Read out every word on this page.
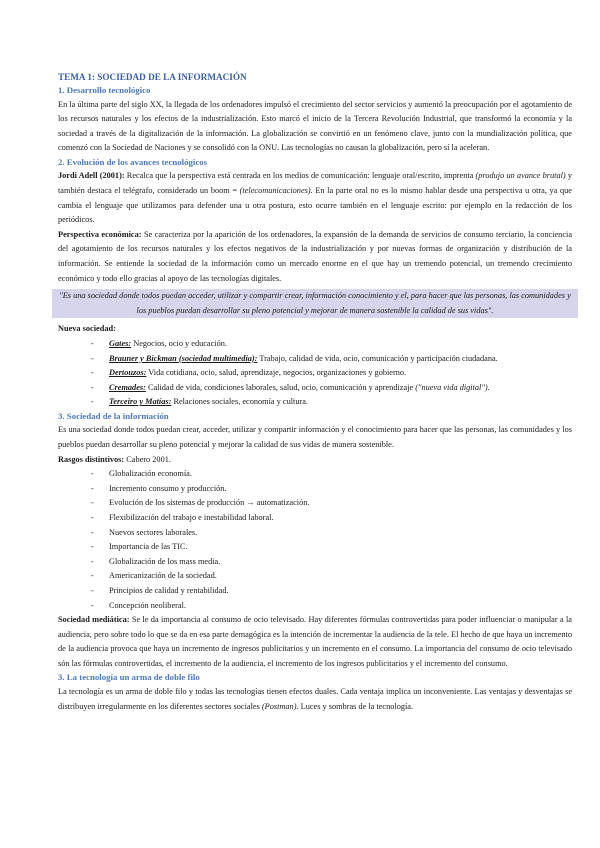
TEMA 1: SOCIEDAD DE LA INFORMACIÓN
1. Desarrollo tecnológico

En la última parte del siglo XX, la llegada de los ordenadores impulsó el crecimiento del sector servicios y aumentó la preocupación por el agotamiento de los recursos naturales y los efectos de la industrialización. Esto marcó el inicio de la Tercera Revolución Industrial, que transformó la economía y la sociedad a través de la digitalización de la información. La globalización se convirtió en un fenómeno clave, junto con la mundialización política, que comenzó con la Sociedad de Naciones y se consolidó con la ONU. Las tecnologías no causan la globalización, pero sí la aceleran.

2. Evolución de los avances tecnológicos

Jordi Adell (2001): Recalca que la perspectiva está centrada en los medios de comunicación: lenguaje oral/escrito, imprenta (produjo un avance brutal) y también destaca el telégrafo, considerado un boom = (telecomunicaciones). En la parte oral no es lo mismo hablar desde una perspectiva u otra, ya que cambia el lenguaje que utilizamos para defender una u otra postura, esto ocurre también en el lenguaje escrito: por ejemplo en la redacción de los periódicos.

Perspectiva económica: Se caracteriza por la aparición de los ordenadores, la expansión de la demanda de servicios de consumo terciario, la conciencia del agotamiento de los recursos naturales y los efectos negativos de la industrialización y por nuevas formas de organización y distribución de la información. Se entiende la sociedad de la información como un mercado enorme en el que hay un tremendo potencial, un tremendo crecimiento económico y todo ello gracias al apoyo de las tecnologías digitales.

"Es una sociedad donde todos puedan acceder, utilizar y compartir crear, información conocimiento y el, para hacer que las personas, las comunidades y los pueblos puedan desarrollar su pleno potencial y mejorar de manera sostenible la calidad de sus vidas".

Nueva sociedad:
- Gates: Negocios, ocio y educación.
- Brauner y Bickman (sociedad multimedia): Trabajo, calidad de vida, ocio, comunicación y participación ciudadana.
- Dertouzos: Vida cotidiana, ocio, salud, aprendizaje, negocios, organizaciones y gobierno.
- Cremades: Calidad de vida, condiciones laborales, salud, ocio, comunicación y aprendizaje ("nueva vida digital").
- Terceiro y Matías: Relaciones sociales, economía y cultura.
3. Sociedad de la información

Es una sociedad donde todos puedan crear, acceder, utilizar y compartir información y el conocimiento para hacer que las personas, las comunidades y los pueblos puedan desarrollar su pleno potencial y mejorar la calidad de sus vidas de manera sostenible.

Rasgos distintivos: Cabero 2001.
- Globalización economía.
- Incremento consumo y producción.
- Evolución de los sistemas de producción → automatización.
- Flexibilización del trabajo e inestabilidad laboral.
- Nuevos sectores laborales.
- Importancia de las TIC.
- Globalización de los mass media.
- Americanización de la sociedad.
- Principios de calidad y rentabilidad.
- Concepción neoliberal.

Sociedad mediática: Se le da importancia al consumo de ocio televisado. Hay diferentes fórmulas controvertidas para poder influenciar o manipular a la audiencia, pero sobre todo lo que se da en esa parte demagógica es la intención de incrementar la audiencia de la tele. El hecho de que haya un incremento de la audiencia provoca que haya un incremento de ingresos publicitarios y un incremento en el consumo. La importancia del consumo de ocio televisado són las fórmulas controvertidas, el incremento de la audiencia, el incremento de los ingresos publicitarios y el incremento del consumo.

3. La tecnología un arma de doble filo

La tecnología es un arma de doble filo y todas las tecnologías tienen efectos duales. Cada ventaja implica un inconveniente. Las ventajas y desventajas se distribuyen irregularmente en los diferentes sectores sociales (Postman). Luces y sombras de la tecnología.
